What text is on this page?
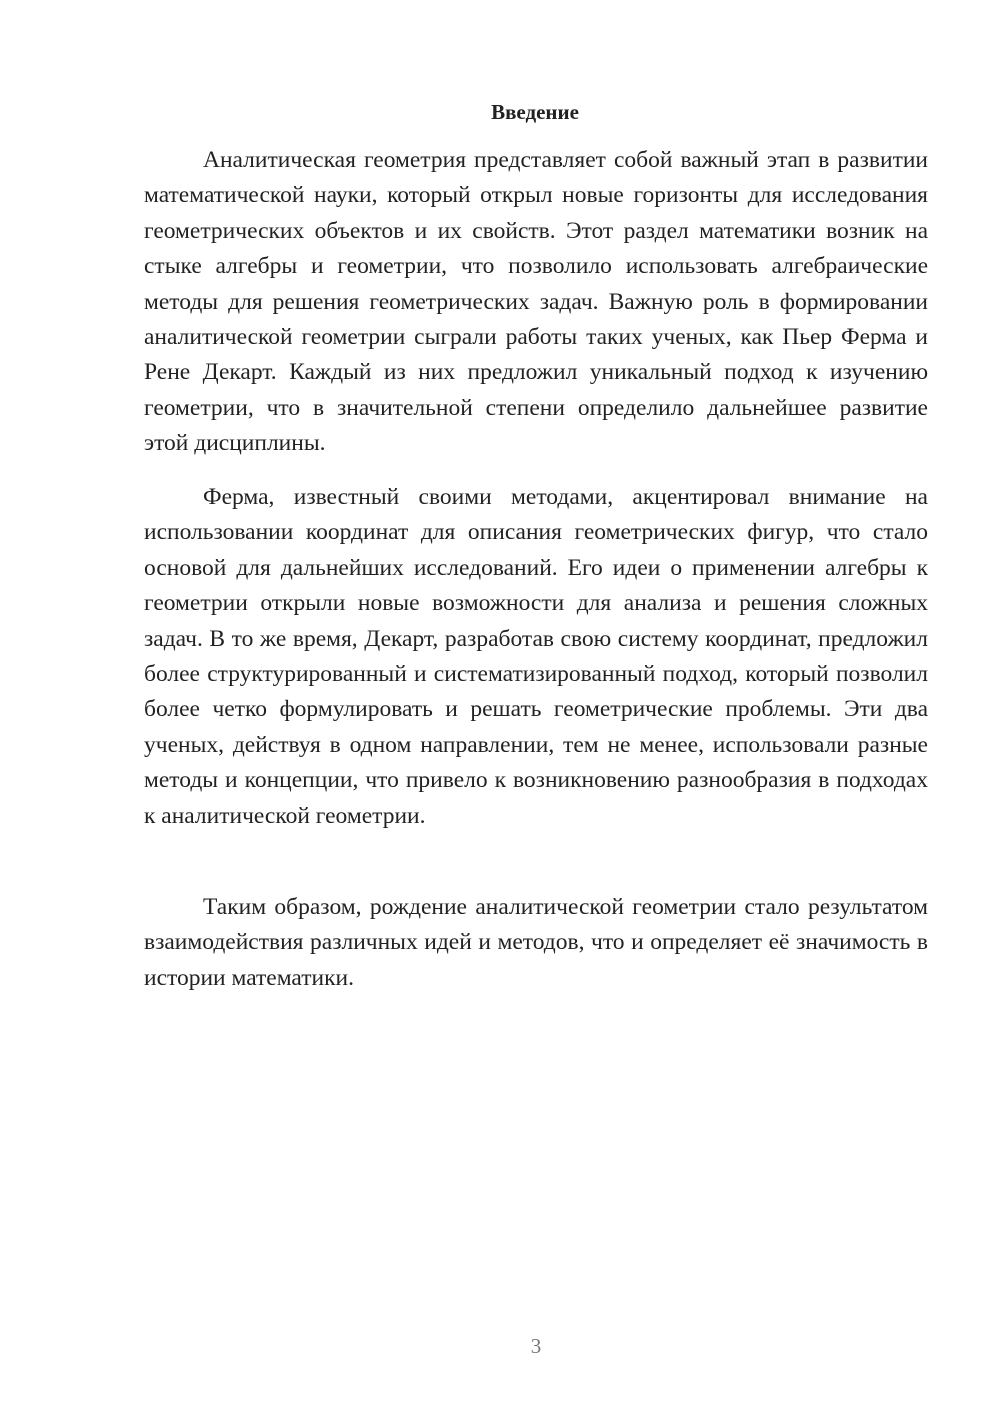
Введение

Аналитическая геометрия представляет собой важный этап в развитии математической науки, который открыл новые горизонты для исследования геометрических объектов и их свойств. Этот раздел математики возник на стыке алгебры и геометрии, что позволило использовать алгебраические методы для решения геометрических задач. Важную роль в формировании аналитической геометрии сыграли работы таких ученых, как Пьер Ферма и Рене Декарт. Каждый из них предложил уникальный подход к изучению геометрии, что в значительной степени определило дальнейшее развитие этой дисциплины.

Ферма, известный своими методами, акцентировал внимание на использовании координат для описания геометрических фигур, что стало основой для дальнейших исследований. Его идеи о применении алгебры к геометрии открыли новые возможности для анализа и решения сложных задач. В то же время, Декарт, разработав свою систему координат, предложил более структурированный и систематизированный подход, который позволил более четко формулировать и решать геометрические проблемы. Эти два ученых, действуя в одном направлении, тем не менее, использовали разные методы и концепции, что привело к возникновению разнообразия в подходах к аналитической геометрии.

Таким образом, рождение аналитической геометрии стало результатом взаимодействия различных идей и методов, что и определяет её значимость в истории математики.

3
